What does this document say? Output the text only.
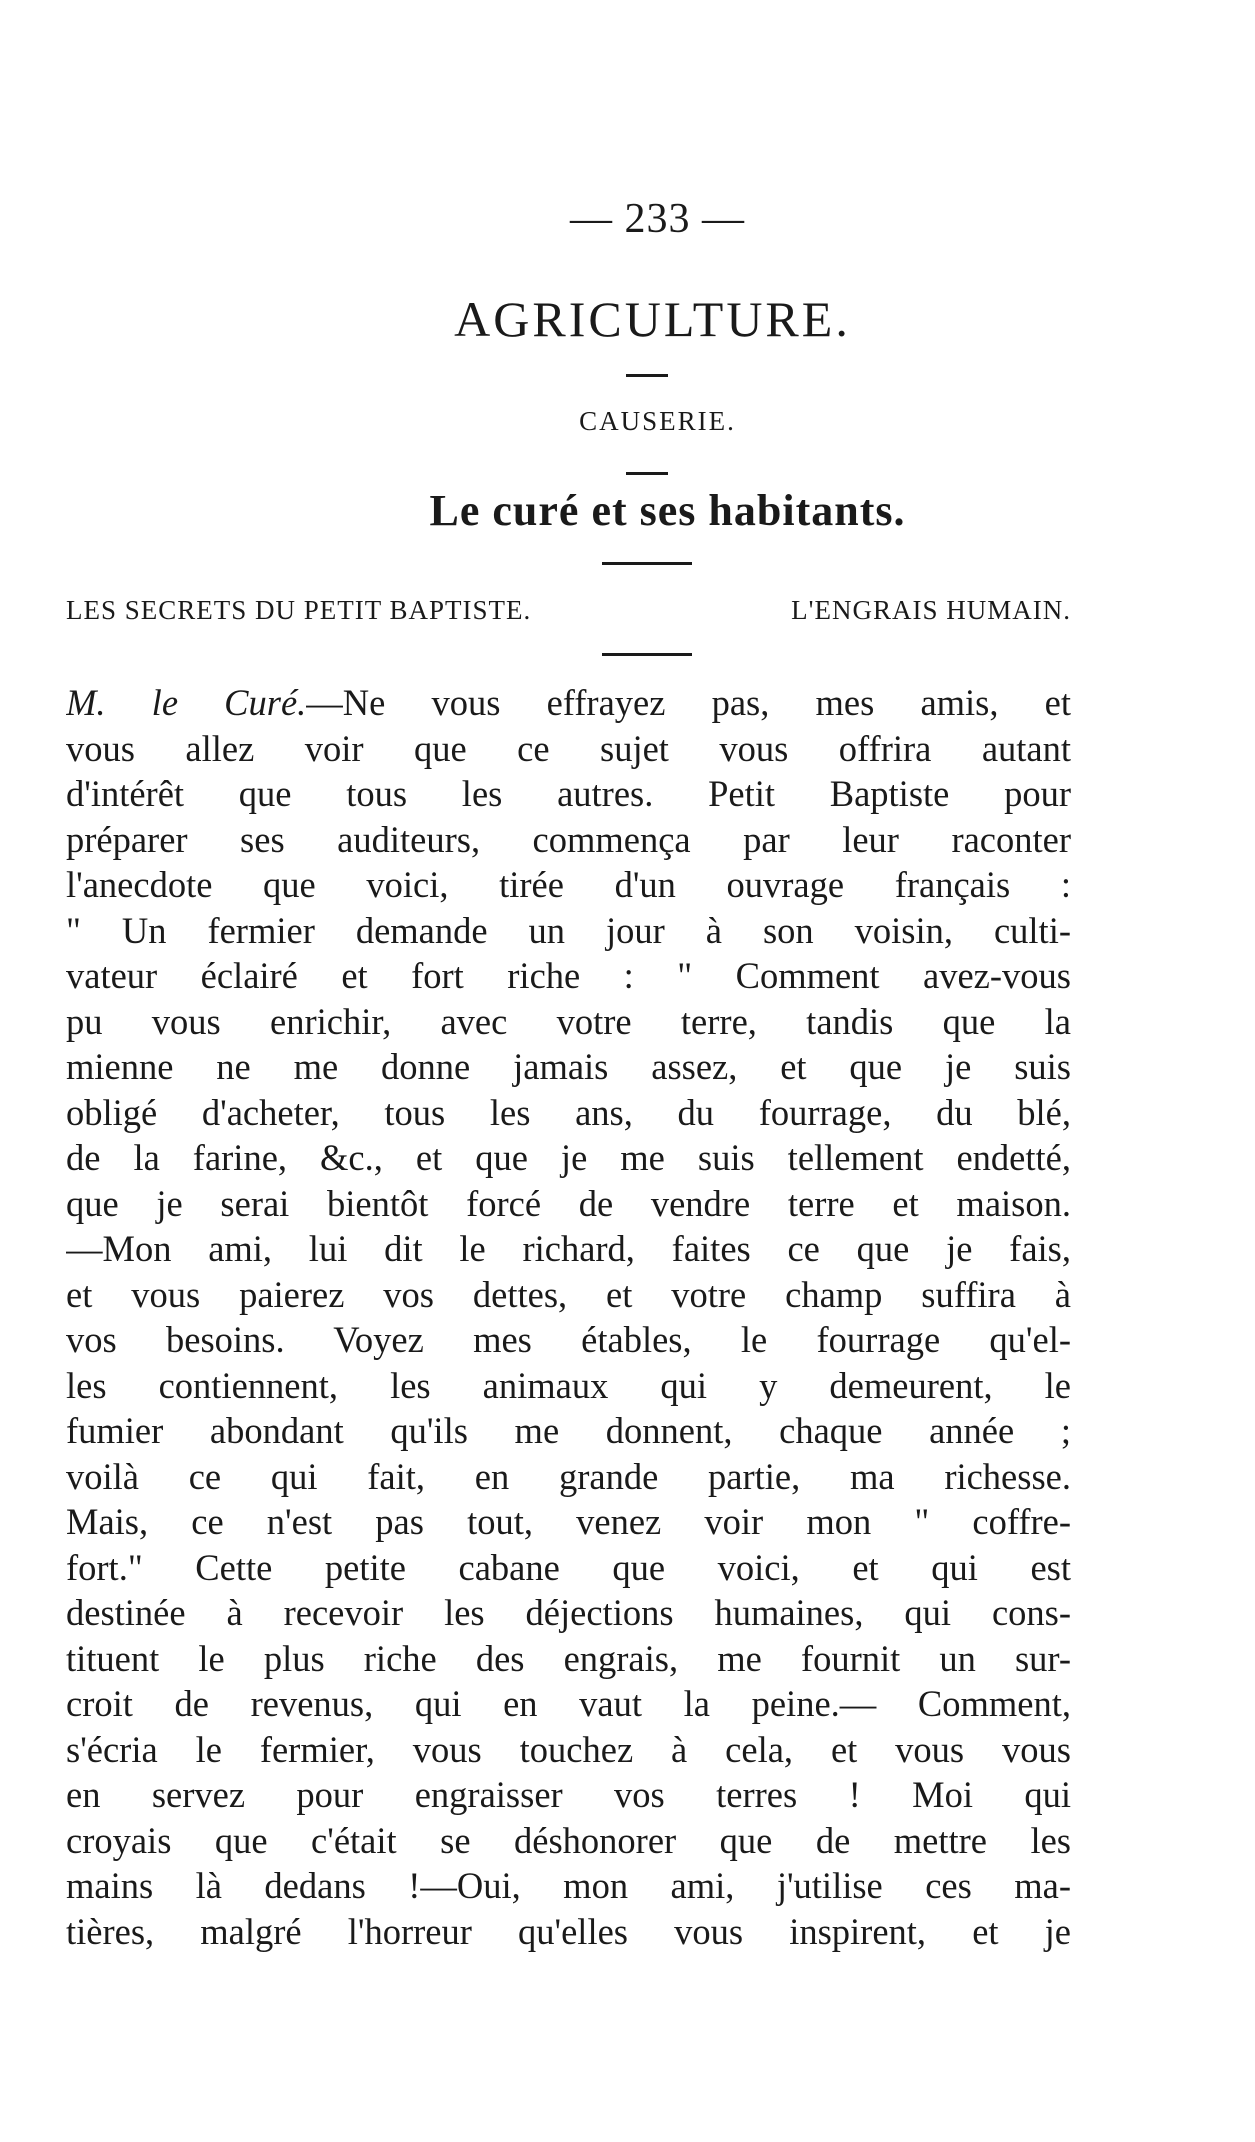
— 233 —
AGRICULTURE.
CAUSERIE.
Le curé et ses habitants.
LES SECRETS DU PETIT BAPTISTE.	L'ENGRAIS HUMAIN.
M. le Curé.—Ne vous effrayez pas, mes amis, et
vous allez voir que ce sujet vous offrira autant
d'intérêt que tous les autres. Petit Baptiste pour
préparer ses auditeurs, commença par leur raconter
l'anecdote que voici, tirée d'un ouvrage français :
" Un fermier demande un jour à son voisin, culti-
vateur éclairé et fort riche : " Comment avez-vous
pu vous enrichir, avec votre terre, tandis que la
mienne ne me donne jamais assez, et que je suis
obligé d'acheter, tous les ans, du fourrage, du blé,
de la farine, &c., et que je me suis tellement endetté,
que je serai bientôt forcé de vendre terre et maison.
—Mon ami, lui dit le richard, faites ce que je fais,
et vous paierez vos dettes, et votre champ suffira à
vos besoins. Voyez mes étables, le fourrage qu'el-
les contiennent, les animaux qui y demeurent, le
fumier abondant qu'ils me donnent, chaque année ;
voilà ce qui fait, en grande partie, ma richesse.
Mais, ce n'est pas tout, venez voir mon " coffre-
fort." Cette petite cabane que voici, et qui est
destinée à recevoir les déjections humaines, qui cons-
tituent le plus riche des engrais, me fournit un sur-
croit de revenus, qui en vaut la peine.— Comment,
s'écria le fermier, vous touchez à cela, et vous vous
en servez pour engraisser vos terres ! Moi qui
croyais que c'était se déshonorer que de mettre les
mains là dedans !—Oui, mon ami, j'utilise ces ma-
tières, malgré l'horreur qu'elles vous inspirent, et je
